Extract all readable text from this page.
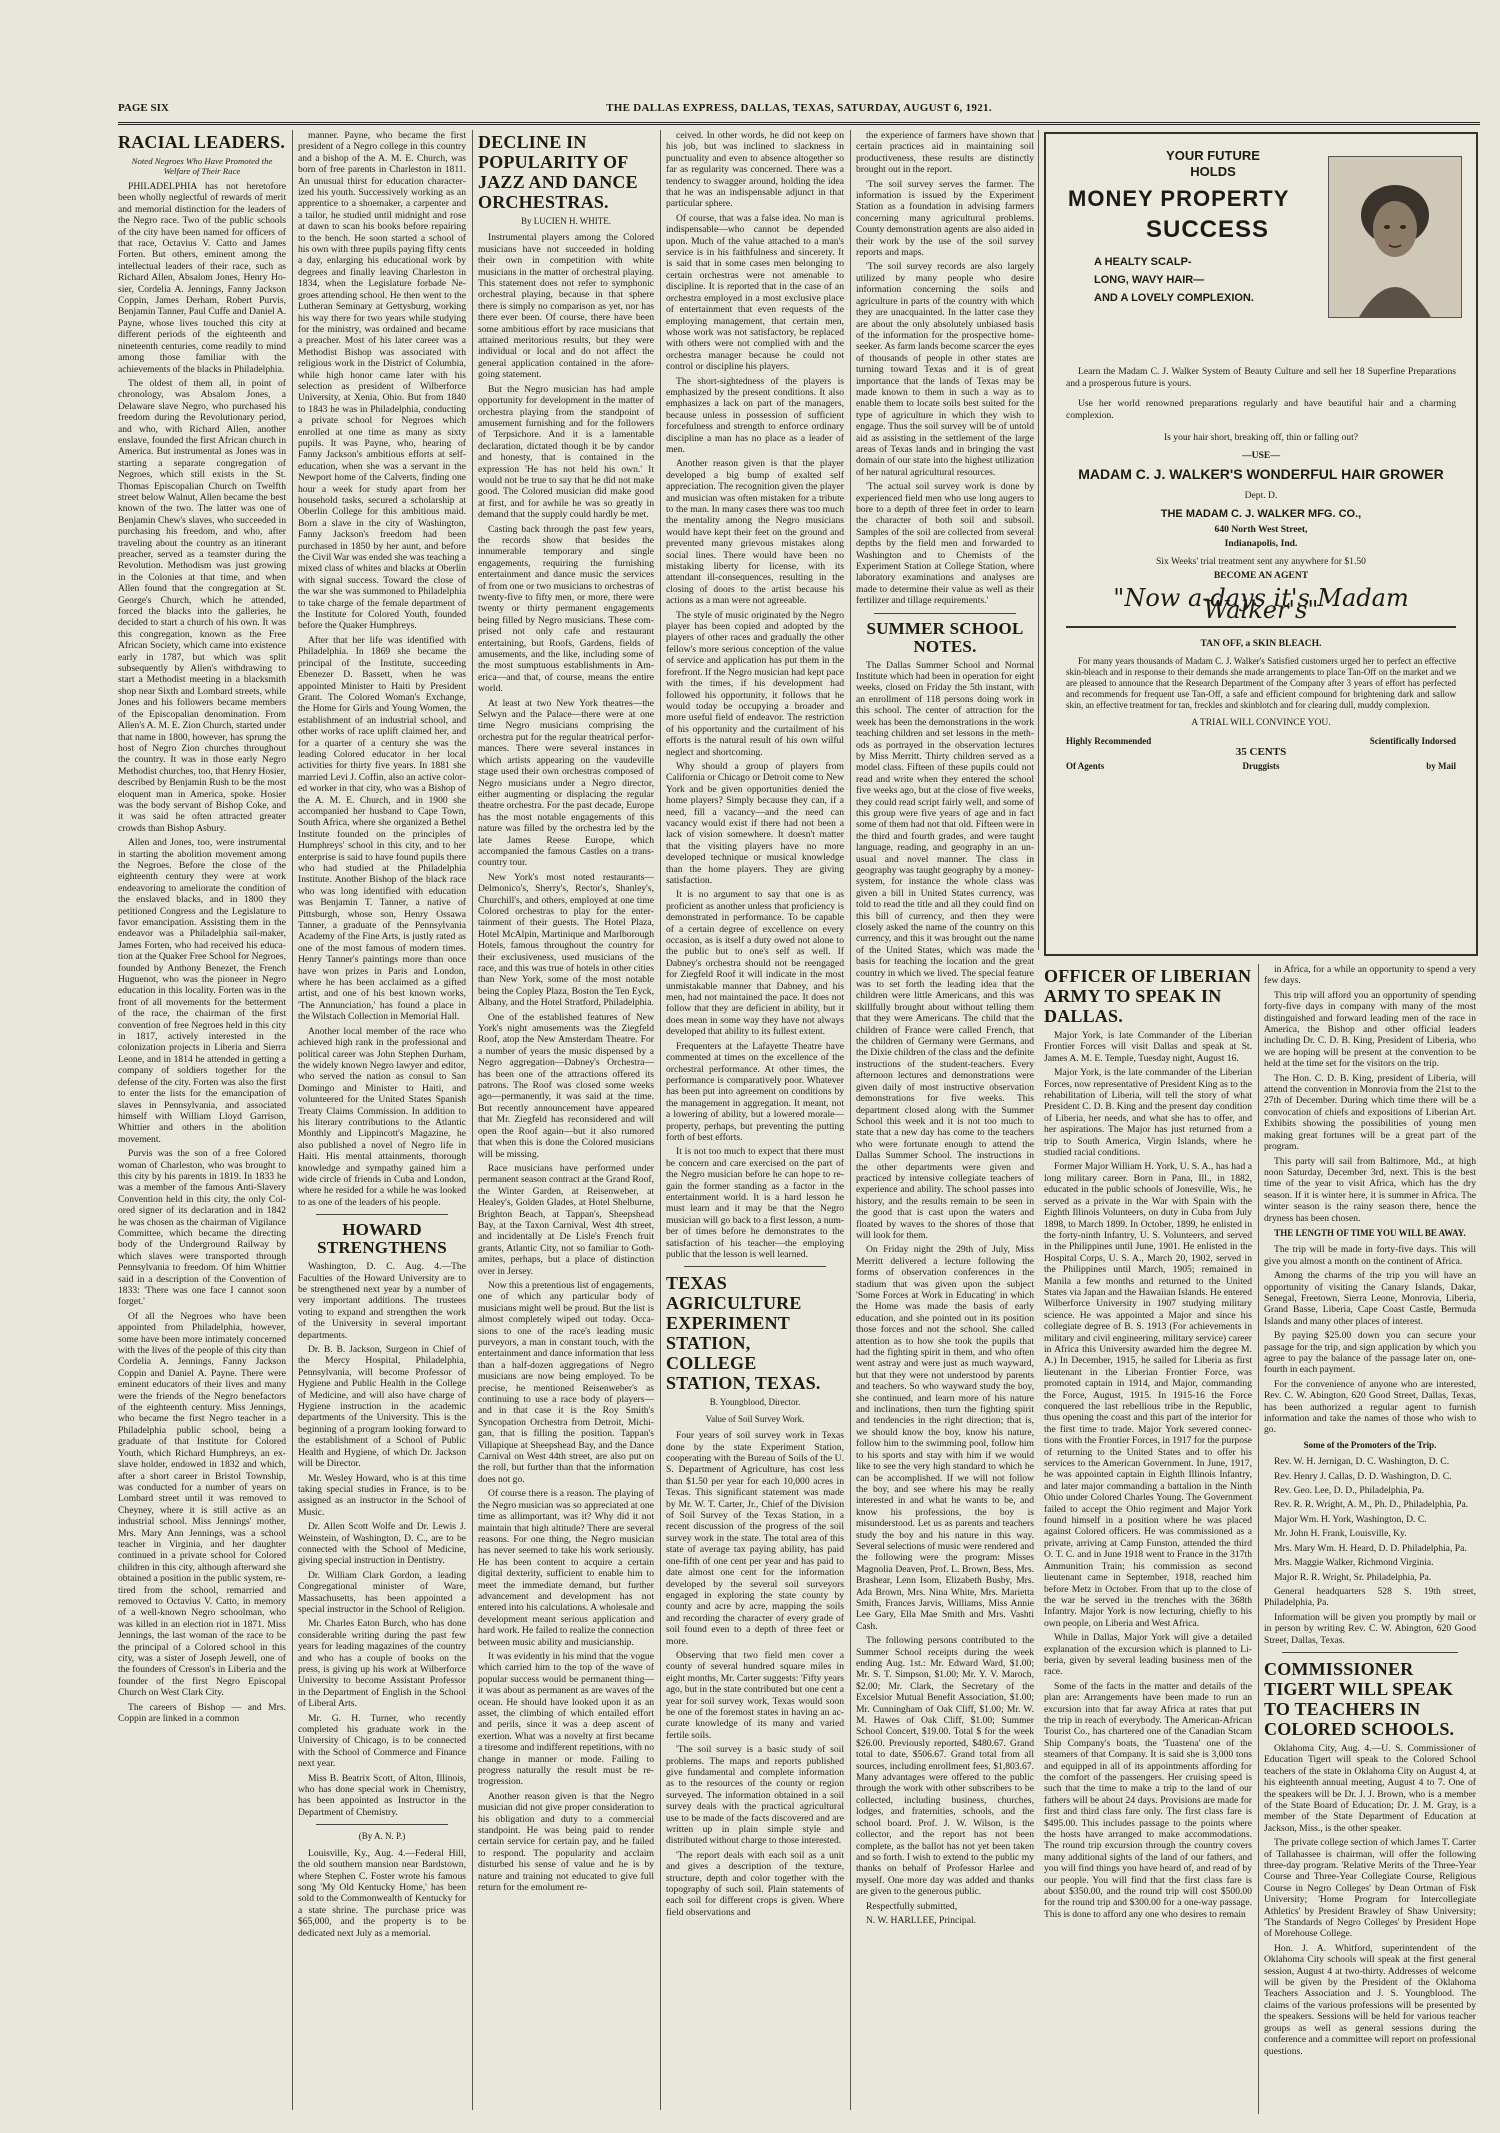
PAGE SIX	THE DALLAS EXPRESS, DALLAS, TEXAS, SATURDAY, AUGUST 6, 1921.
RACIAL LEADERS.
Noted Negroes Who Have Promoted the Welfare of Their Race

PHILADELPHIA has not heretofore been wholly neglectful of rewards of merit and memorial distinction for the leaders of the Negro race. Two of the public schools of the city have been named for officers of that race, Octavius V. Catto and James Forten. But others, eminent among the intellectual leaders of their race, such as Richard Allen, Absalom Jones, Henry Hosier, Cordelia A. Jennings, Fanny Jackson Coppin, James Derham, Robert Purvis, Benjamin Tanner, Paul Cuffe and Daniel A. Payne, whose lives touched this city at different periods of the eighteenth and nineteenth centuries, come readily to mind among those familiar with the achievements of the blacks in Philadelphia.

The oldest of them all, in point of chronology, was Absalom Jones, a Delaware slave Negro, who purchased his freedom during the Revolutionary period, and who, with Richard Allen, another enslave, founded the first African church in America. But instrumental as Jones was in starting a separate congregation of Negroes, which still exists in the St. Thomas Episcopalian Church on Twelfth street below Walnut, Allen became the best known of the two. The latter was one of Benjamin Chew's slaves, who succeeded in purchasing his freedom, and who, after traveling about the country as an itinerant preacher, served as a teamster during the Revolution. Methodism was just growing in the Colonies at that time, and when Allen found that the congregation at St. George's Church, which he attended, forced the blacks into the galleries, he decided to start a church of his own. It was this congregation, known as the Free African Society, which came into existence early in 1787, but which was split subsequently by Allen's withdrawing to start a Methodist meeting in a blacksmith shop near Sixth and Lombard streets, while Jones and his followers became members of the Episcopalian denomination. From Allen's A. M. E. Zion Church, started under that name in 1800, however, has sprung the host of Negro Zion churches throughout the country. It was in those early Negro Methodist churches, too, that Henry Hosier, described by Benjamin Rush to be the most eloquent man in America, spoke. Hosier was the body servant of Bishop Coke, and it was said he often attracted greater crowds than Bishop Asbury.

Allen and Jones, too, were instrumental in starting the abolition movement among the Negroes. Before the close of the eighteenth century they were at work endeavoring to ameliorate the condition of the enslaved blacks, and in 1800 they petitioned Congress and the Legislature to favor emancipation. Assisting them in the endeavor was a Philadelphia sail-maker, James Forten, who had received his education at the Quaker Free School for Negroes, founded by Anthony Benezet, the French Huguenot, who was the pioneer in Negro education in this locality. Forten was in the front of all movements for the betterment of the race, the chairman of the first convention of free Negroes held in this city in 1817, actively interested in the colonization projects in Liberia and Sierra Leone, and in 1814 he attended in getting a company of soldiers together for the defense of the city. Forten was also the first to enter the lists for the emancipation of slaves in Pennsylvania, and associated himself with William Lloyd Garrison, Whittier and others in the abolition movement.

Purvis was the son of a free Colored woman of Charleston, who was brought to this city by his parents in 1819. In 1833 he was a member of the famous Anti-Slavery Convention held in this city, the only Colored signer of its declaration and in 1842 he was chosen as the chairman of Vigilance Committee, which became the directing body of the Underground Railway by which slaves were transported through Pennsylvania to freedom. Of him Whittier said in a description of the Convention of 1833: 'There was one face I cannot soon forget.'

Of all the Negroes who have been appointed from Philadelphia, however, some have been more intimately concerned with the lives of the people of this city than Cordelia A. Jennings, Fanny Jackson Coppin and Daniel A. Payne. There were eminent educators of their lives and many were the friends of the Negro benefactors of the eighteenth century. Miss Jennings, who became the first Negro teacher in a Philadelphia public school, being a graduate of that Institute for Colored Youth, which Richard Humphreys, an ex-slave holder, endowed in 1832 and which, after a short career in Bristol Township, was conducted for a number of years on Lombard street until it was removed to Cheyney, where it is still active as an industrial school. Miss Jennings' mother, Mrs. Mary Ann Jennings, was a school teacher in Virginia, and her daughter continued in a private school for Colored children in this city, although afterward she obtained a position in the public system, retired from the school, remarried and removed to Octavius V. Catto, in memory of a well-known Negro schoolman, who was killed in an election riot in 1871. Miss Jennings, the last woman of the race to be the principal of a Colored school in this city, was a sister of Joseph Jewell, one of the founders of Cresson's in Liberia and the founder of the first Negro Episcopal Church on West Clark City.

The careers of Bishop — and Mrs. Coppin are linked in a common

manner. Payne, who became the first president of a Negro college in this country and a bishop of the A. M. E. Church, was born of free parents in Charleston in 1811. An unusual thirst for education characterized his youth. Successively working as an apprentice to a shoemaker, a carpenter and a tailor, he studied until midnight and rose at dawn to scan his books before repairing to the bench. He soon started a school of his own with three pupils paying fifty cents a day, enlarging his educational work by degrees and finally leaving Charleston in 1834, when the Legislature forbade Negroes attending school. He then went to the Lutheran Seminary at Gettysburg, working his way there for two years while studying for the ministry, was ordained and became a preacher. Most of his later career was a Methodist Bishop was associated with religious work in the District of Columbia, while high honor came later with his selection as president of Wilberforce University, at Xenia, Ohio. But from 1840 to 1843 he was in Philadelphia, conducting a private school for Negroes which enrolled at one time as many as sixty pupils. It was Payne, who, hearing of Fanny Jackson's ambitious efforts at self-education, when she was a servant in the Newport home of the Calverts, finding one hour a week for study apart from her household tasks, secured a scholarship at Oberlin College for this ambitious maid. Born a slave in the city of Washington, Fanny Jackson's freedom had been purchased in 1850 by her aunt, and before the Civil War was ended she was teaching a mixed class of whites and blacks at Oberlin with signal success. Toward the close of the war she was summoned to Philadelphia to take charge of the female department of the Institute for Colored Youth, founded before the Quaker Humphreys.

After that her life was identified with Philadelphia. In 1869 she became the principal of the Institute, succeeding Ebenezer D. Bassett, when he was appointed Minister to Haiti by President Grant. The Colored Woman's Exchange, the Home for Girls and Young Women, the establishment of an industrial school, and other works of race uplift claimed her, and for a quarter of a century she was the leading Colored educator in her local activities for thirty five years. In 1881 she married Levi J. Coffin, also an active colored worker in that city, who was a Bishop of the A. M. E. Church, and in 1900 she accompanied her husband to Cape Town, South Africa, where she organized a Bethel Institute founded on the principles of Humphreys' school in this city, and to her enterprise is said to have found pupils there who had studied at the Philadelphia Institute. Another Bishop of the black race who was long identified with education was Benjamin T. Tanner, a native of Pittsburgh, whose son, Henry Ossawa Tanner, a graduate of the Pennsylvania Academy of the Fine Arts, is justly rated as one of the most famous of modern times. Henry Tanner's paintings more than once have won prizes in Paris and London, where he has been acclaimed as a gifted artist, and one of his best known works, 'The Annunciation,' has found a place in the Wilstach Collection in Memorial Hall.

Another local member of the race who achieved high rank in the professional and political career was John Stephen Durham, the widely known Negro lawyer and editor, who served the nation as consul to San Domingo and Minister to Haiti, and volunteered for the United States Spanish Treaty Claims Commission. In addition to his literary contributions to the Atlantic Monthly and Lippincott's Magazine, he also published a novel of Negro life in Haiti. His mental attainments, thorough knowledge and sympathy gained him a wide circle of friends in Cuba and London, where he resided for a while he was looked to as one of the leaders of his people.

HOWARD STRENGTHENS

Washington, D. C. Aug. 4.—The Faculties of the Howard University are to be strengthened next year by a number of very important additions. The trustees voting to expand and strengthen the work of the University in several important departments.

Dr. B. B. Jackson, Surgeon in Chief of the Mercy Hospital, Philadelphia, Pennsylvania, will become Professor of Hygiene and Public Health in the College of Medicine, and will also have charge of Hygiene instruction in the academic departments of the University. This is the beginning of a program looking forward to the establishment of a School of Public Health and Hygiene, of which Dr. Jackson will be Director.

Mr. Wesley Howard, who is at this time taking special studies in France, is to be assigned as an instructor in the School of Music.

Dr. Allen Scott Wolfe and Dr. Lewis J. Weinstein, of Washington, D. C., are to be connected with the School of Medicine, giving special instruction in Dentistry.

Dr. William Clark Gordon, a leading Congregational minister of Ware, Massachusetts, has been appointed a special instructor in the School of Religion.

Mr. Charles Eaton Burch, who has done considerable writing during the past few years for leading magazines of the country and who has a couple of books on the press, is giving up his work at Wilberforce University to become Assistant Professor in the Department of English in the School of Liberal Arts.

Mr. G. H. Turner, who recently completed his graduate work in the University of Chicago, is to be connected with the School of Commerce and Finance next year.

Miss B. Beatrix Scott, of Alton, Illinois, who has done special work in Chemistry, has been appointed as Instructor in the Department of Chemistry.

(By A. N. P.)

Louisville, Ky., Aug. 4.—Federal Hill, the old southern mansion near Bardstown, where Stephen C. Foster wrote his famous song 'My Old Kentucky Home,' has been sold to the Commonwealth of Kentucky for a state shrine. The purchase price was $65,000, and the property is to be dedicated next July as a memorial.

DECLINE IN POPULARITY OF JAZZ AND DANCE ORCHESTRAS.
By LUCIEN H. WHITE.

Instrumental players among the Colored musicians have not succeeded in holding their own in competition with white musicians in the matter of orchestral playing. This statement does not refer to symphonic orchestral playing, because in that sphere there is simply no comparison as yet, nor has there ever been. Of course, there have been some ambitious effort by race musicians that attained meritorious results, but they were individual or local and do not affect the general application contained in the aforegoing statement.

But the Negro musician has had ample opportunity for development in the matter of orchestra playing from the standpoint of amusement furnishing and for the followers of Terpsichore. And it is a lamentable declaration, dictated though it be by candor and honesty, that is contained in the expression 'He has not held his own.' It would not be true to say that he did not make good. The Colored musician did make good at first, and for awhile he was so greatly in demand that the supply could hardly be met.

Casting back through the past few years, the records show that besides the innumerable temporary and single engagements, requiring the furnishing entertainment and dance music the services of from one or two musicians to orchestras of twenty-five to fifty men, or more, there were twenty or thirty permanent engagements being filled by Negro musicians. These comprised not only cafe and restaurant entertaining, but Roofs, Gardens, fields of amusements, and the like, including some of the most sumptuous establishments in America—and that, of course, means the entire world.

At least at two New York theatres—the Selwyn and the Palace—there were at one time Negro musicians comprising the orchestra put for the regular theatrical performances. There were several instances in which artists appearing on the vaudeville stage used their own orchestras composed of Negro musicians under a Negro director, either augmenting or displacing the regular theatre orchestra. For the past decade, Europe has the most notable engagements of this nature was filled by the orchestra led by the late James Reese Europe, which accompanied the famous Castles on a trans-country tour.

New York's most noted restaurants—Delmonico's, Sherry's, Rector's, Shanley's, Churchill's, and others, employed at one time Colored orchestras to play for the entertainment of their guests. The Hotel Plaza, Hotel McAlpin, Martinique and Marlborough Hotels, famous throughout the country for their exclusiveness, used musicians of the race, and this was true of hotels in other cities than New York, some of the most notable being the Copley Plaza, Boston the Ten Eyck, Albany, and the Hotel Stratford, Philadelphia.

One of the established features of New York's night amusements was the Ziegfeld Roof, atop the New Amsterdam Theatre. For a number of years the music dispensed by a Negro aggregation—Dabney's Orchestra—has been one of the attractions offered its patrons. The Roof was closed some weeks ago—permanently, it was said at the time. But recently announcement have appeared that Mr. Ziegfeld has reconsidered and will open the Roof again—but it also rumored that when this is done the Colored musicians will be missing.

Race musicians have performed under permanent season contract at the Grand Roof, the Winter Garden, at Reisenweber, at Healey's, Golden Glades, at Hotel Shelburne, Brighton Beach, at Tappan's, Sheepshead Bay, at the Taxon Carnival, West 4th street, and incidentally at De Lisle's French fruit grants, Atlantic City, not so familiar to Gothamites, perhaps, but a place of distinction over in Jersey.

Now this a pretentious list of engagements, one of which any particular body of musicians might well be proud. But the list is almost completely wiped out today. Occasions to one of the race's leading music purveyors, a man in constant touch, with the entertainment and dance information that less than a half-dozen aggregations of Negro musicians are now being employed. To be precise, he mentioned Reisenweber's as continuing to use a race body of players—and in that case it is the Roy Smith's Syncopation Orchestra from Detroit, Michigan, that is filling the position. Tappan's Villapique at Sheepshead Bay, and the Dance Carnival on West 44th street, are also put on the roll, but further than that the information does not go.

Of course there is a reason. The playing of the Negro musician was so appreciated at one time as allimportant, was it? Why did it not maintain that high altitude? There are several reasons. For one thing, the Negro musician has never seemed to take his work seriously. He has been content to acquire a certain digital dexterity, sufficient to enable him to meet the immediate demand, but further advancement and development has not entered into his calculations. A wholesale and development meant serious application and hard work. He failed to realize the connection between music ability and musicianship.

It was evidently in his mind that the vogue which carried him to the top of the wave of popular success would be permanent thing—it was about as permanent as are waves of the ocean. He should have looked upon it as an asset, the climbing of which entailed effort and perils, since it was a deep ascent of exertion. What was a novelty at first became a tiresome and indifferent repetitions, with no change in manner or mode. Failing to progress naturally the result must be retrogression.

Another reason given is that the Negro musician did not give proper consideration to his obligation and duty to a commercial standpoint. He was being paid to render certain service for certain pay, and he failed to respond. The popularity and acclaim disturbed his sense of value and he is by nature and training not educated to give full return for the emolument re-

ceived. In other words, he did not keep on his job, but was inclined to slackness in punctuality and even to absence altogether so far as regularity was concerned. There was a tendency to swagger around, holding the idea that he was an indispensable adjunct in that particular sphere.

Of course, that was a false idea. No man is indispensable—who cannot be depended upon. Much of the value attached to a man's service is in his faithfulness and sincerety. It is said that in some cases men belonging to certain orchestras were not amenable to discipline. It is reported that in the case of an orchestra employed in a most exclusive place of entertainment that even requests of the employing management, that certain men, whose work was not satisfactory, be replaced with others were not complied with and the orchestra manager because he could not control or discipline his players.

The short-sightedness of the players is emphasized by the present conditions. It also emphasizes a lack on part of the managers, because unless in possession of sufficient forcefulness and strength to enforce ordinary discipline a man has no place as a leader of men.

Another reason given is that the player developed a big bump of exalted self appreciation. The recognition given the player and musician was often mistaken for a tribute to the man. In many cases there was too much the mentality among the Negro musicians would have kept their feet on the ground and prevented many grievous mistakes along social lines. There would have been no mistaking liberty for license, with its attendant ill-consequences, resulting in the closing of doors to the artist because his actions as a man were not agreeable.

The style of music originated by the Negro player has been copied and adopted by the players of other races and gradually the other fellow's more serious conception of the value of service and application has put them in the forefront. If the Negro musician had kept pace with the times, if his development had followed his opportunity, it follows that he would today be occupying a broader and more useful field of endeavor. The restriction of his opportunity and the curtailment of his efforts is the natural result of his own wilful neglect and shortcoming.

Why should a group of players from California or Chicago or Detroit come to New York and be given opportunities denied the home players? Simply because they can, if a need, fill a vacancy—and the need can vacancy would exist if there had not been a lack of vision somewhere. It doesn't matter that the visiting players have no more developed technique or musical knowledge than the home players. They are giving satisfaction.

It is no argument to say that one is as proficient as another unless that proficiency is demonstrated in performance. To be capable of a certain degree of excellence on every occasion, as is itself a duty owed not alone to the public but to one's self as well. If Dabney's orchestra should not be reengaged for Ziegfeld Roof it will indicate in the most unmistakable manner that Dabney, and his men, had not maintained the pace. It does not follow that they are deficient in ability, but it does mean in some way they have not always developed that ability to its fullest extent.

Frequenters at the Lafayette Theatre have commented at times on the excellence of the orchestral performance. At other times, the performance is comparatively poor. Whatever has been put into agreement on conditions by the management in aggregation. It meant, not a lowering of ability, but a lowered morale—property, perhaps, but preventing the putting forth of best efforts.

It is not too much to expect that there must be concern and care exercised on the part of the Negro musician before he can hope to regain the former standing as a factor in the entertainment world. It is a hard lesson he must learn and it may be that the Negro musician will go back to a first lesson, a number of times before he demonstrates to the satisfaction of his teacher—the employing public that the lesson is well learned.

TEXAS AGRICULTURE EXPERIMENT STATION, COLLEGE STATION, TEXAS.
B. Youngblood, Director.
Value of Soil Survey Work.

Four years of soil survey work in Texas done by the state Experiment Station, cooperating with the Bureau of Soils of the U. S. Department of Agriculture, has cost less than $1.50 per year for each 10,000 acres in Texas. This significant statement was made by Mr. W. T. Carter, Jr., Chief of the Division of Soil Survey of the Texas Station, in a recent discussion of the progress of the soil survey work in the state. The total area of this state of average tax paying ability, has paid one-fifth of one cent per year and has paid to date almost one cent for the information developed by the several soil surveyors engaged in exploring the state county by county and acre by acre, mapping the soils and recording the character of every grade of soil found even to a depth of three feet or more.

Observing that two field men cover a county of several hundred square miles in eight months, Mr. Carter suggests: 'Fifty years ago, but in the state contributed but one cent a year for soil survey work, Texas would soon be one of the foremost states in having an accurate knowledge of its many and varied fertile soils.

'The soil survey is a basic study of soil problems. The maps and reports published give fundamental and complete information as to the resources of the county or region surveyed. The information obtained in a soil survey deals with the practical agricultural use to be made of the facts discovered and are written up in plain simple style and distributed without charge to those interested.

'The report deals with each soil as a unit and gives a description of the texture, structure, depth and color together with the topography of such soil. Plain statements of each soil for different crops is given. Where field observations and

the experience of farmers have shown that certain practices aid in maintaining soil productiveness, these results are distinctly brought out in the report.

'The soil survey serves the farmer. The information is issued by the Experiment Station as a foundation in advising farmers concerning many agricultural problems. County demonstration agents are also aided in their work by the use of the soil survey reports and maps.

'The soil survey records are also largely utilized by many people who desire information concerning the soils and agriculture in parts of the country with which they are unacquainted. In the latter case they are about the only absolutely unbiased basis of the information for the prospective home-seeker. As farm lands become scarcer the eyes of thousands of people in other states are turning toward Texas and it is of great importance that the lands of Texas may be made known to them in such a way as to enable them to locate soils best suited for the type of agriculture in which they wish to engage. Thus the soil survey will be of untold aid as assisting in the settlement of the large areas of Texas lands and in bringing the vast domain of our state into the highest utilization of her natural agricultural resources.

'The actual soil survey work is done by experienced field men who use long augers to bore to a depth of three feet in order to learn the character of both soil and subsoil. Samples of the soil are collected from several depths by the field men and forwarded to Washington and to Chemists of the Experiment Station at College Station, where laboratory examinations and analyses are made to determine their value as well as their fertilizer and tillage requirements.'

SUMMER SCHOOL NOTES.

The Dallas Summer School and Normal Institute which had been in operation for eight weeks, closed on Friday the 5th instant, with an enrollment of 118 persons doing work in this school. The center of attraction for the week has been the demonstrations in the work teaching children and set lessons in the methods as portrayed in the observation lectures by Miss Merritt. Thirty children served as a model class. Fifteen of these pupils could not read and write when they entered the school five weeks ago, but at the close of five weeks, they could read script fairly well, and some of this group were five years of age and in fact some of them had not that old. Fifteen were in the third and fourth grades, and were taught language, reading, and geography in an unusual and novel manner. The class in geography was taught geography by a money-system, for instance the whole class was given a bill in United States currency, was told to read the title and all they could find on this bill of currency, and then they were closely asked the name of the country on this currency, and this it was brought out the name of the United States, which was made the basis for teaching the location and the great country in which we lived. The special feature was to set forth the leading idea that the children were little Americans, and this was skillfully brought about without telling them that they were Americans. The child that the children of France were called French, that the children of Germany were Germans, and the Dixie children of the class and the definite instructions of the student-teachers. Every afternoon lectures and demonstrations were given daily of most instructive observation demonstrations for five weeks. This department closed along with the Summer School this week and it is not too much to state that a new day has come to the teachers who were fortunate enough to attend the Dallas Summer School. The instructions in the other departments were given and practiced by intensive collegiate teachers of experience and ability. The school passes into history, and the results remain to be seen in the good that is cast upon the waters and floated by waves to the shores of those that will look for them.

On Friday night the 29th of July, Miss Merritt delivered a lecture following the forms of observation conferences in the stadium that was given upon the subject 'Some Forces at Work in Educating' in which the Home was made the basis of early education, and she pointed out in its position those forces and not the school. She called attention as to how she took the pupils that had the fighting spirit in them, and who often went astray and were just as much wayward, but that they were not understood by parents and teachers. So who wayward study the boy, she continued, and learn more of his nature and inclinations, then turn the fighting spirit and tendencies in the right direction; that is, we should know the boy, know his nature, follow him to the swimming pool, follow him to his sports and stay with him if we would like to see the very high standard to which he can be accomplished. If we will not follow the boy, and see where his may be really interested in and what he wants to be, and know his professions, the boy is misunderstood. Let us as parents and teachers study the boy and his nature in this way. Several selections of music were rendered and the following were the program: Misses Magnolia Deaven, Prof. L. Brown, Bess, Mrs. Brashear, Lenn Isom, Elizabeth Busby, Mrs. Ada Brown, Mrs. Nina White, Mrs. Marietta Smith, Frances Jarvis, Williams, Miss Annie Lee Gary, Ella Mae Smith and Mrs. Vashti Cash.

The following persons contributed to the Summer School receipts during the week ending Aug. 1st.: Mr. Edward Ward, $1.00; Mr. S. T. Simpson, $1.00; Mr. Y. V. Maroch, $2.00; Mr. Clark, the Secretary of the Excelsior Mutual Benefit Association, $1.00; Mr. Cunningham of Oak Cliff, $1.00; Mr. W. M. Hawes of Oak Cliff, $1.00; Summer School Concert, $19.00. Total $ for the week $26.00. Previously reported, $480.67. Grand total to date, $506.67. Grand total from all sources, including enrollment fees, $1,803.67. Many advantages were offered to the public through the work with other subscribers to be collected, including business, churches, lodges, and fraternities, schools, and the school board. Prof. J. W. Wilson, is the collector, and the report has not been complete, as the ballot has not yet been taken and so forth. I wish to extend to the public my thanks on behalf of Professor Harlee and myself. One more day was added and thanks are given to the generous public.

Respectfully submitted,

N. W. HARLLEE, Principal.

YOUR FUTURE
HOLDS
MONEY PROPERTY
SUCCESS
A HEALTY SCALP-
LONG, WAVY HAIR—
AND A LOVELY COMPLEXION.

Learn the Madam C. J. Walker System of Beauty Culture and sell her 18 Superfine Preparations and a prosperous future is yours.

Use her world renowned preparations regularly and have beautiful hair and a charming complexion.

Is your hair short, breaking off, thin or falling out?

—USE—

MADAM C. J. WALKER'S WONDERFUL HAIR GROWER

Dept. D.

THE MADAM C. J. WALKER MFG. CO.,

640 North West Street,

Indianapolis, Ind.

Six Weeks' trial treatment sent any anywhere for $1.50

BECOME AN AGENT

"Now a-days it's Madam Walker's"

TAN OFF, a SKIN BLEACH.

For many years thousands of Madam C. J. Walker's Satisfied customers urged her to perfect an effective skin-bleach and in response to their demands she made arrangements to place Tan-Off on the market and we are pleased to announce that the Research Department of the Company after 3 years of effort has perfected and recommends for frequent use Tan-Off, a safe and efficient compound for brightening dark and sallow skin, an effective treatment for tan, freckles and skinblotch and for clearing dull, muddy complexion.

A TRIAL WILL CONVINCE YOU.

Highly Recommended	Scientifically Indorsed
35 CENTS
Of Agents	Druggists	by Mail
OFFICER OF LIBERIAN ARMY TO SPEAK IN DALLAS.

Major York, is late Commander of the Liberian Frontier Forces will visit Dallas and speak at St. James A. M. E. Temple, Tuesday night, August 16.

Major York, is the late commander of the Liberian Forces, now representative of President King as to the rehabilitation of Liberia, will tell the story of what President C. D. B. King and the present day condition of Liberia, her needs, and what she has to offer, and her aspirations. The Major has just returned from a trip to South America, Virgin Islands, where he studied racial conditions.

Former Major William H. York, U. S. A., has had a long military career. Born in Pana, Ill., in 1882, educated in the public schools of Jonesville, Wis., he served as a private in the War with Spain with the Eighth Illinois Volunteers, on duty in Cuba from July 1898, to March 1899. In October, 1899, he enlisted in the forty-ninth Infantry, U. S. Volunteers, and served in the Philippines until June, 1901. He enlisted in the Hospital Corps, U. S. A., March 20, 1902, served in the Philippines until March, 1905; remained in Manila a few months and returned to the United States via Japan and the Hawaiian Islands. He entered Wilberforce University in 1907 studying military science. He was appointed a Major and since his collegiate degree of B. S. 1913 (For achievements in military and civil engineering, military service) career in Africa this University awarded him the degree M. A.) In December, 1915, he sailed for Liberia as first lieutenant in the Liberian Frontier Force, was promoted captain in 1914, and Major, commanding the Force, August, 1915. In 1915-16 the Force conquered the last rebellious tribe in the Republic, thus opening the coast and this part of the interior for the first time to trade. Major York severed connections with the Frontier Forces, in 1917 for the purpose of returning to the United States and to offer his services to the American Government. In June, 1917, he was appointed captain in Eighth Illinois Infantry, and later major commanding a battalion in the Ninth Ohio under Colored Charles Young. The Government failed to accept the Ohio regiment and Major York found himself in a position where he was placed against Colored officers. He was commissioned as a private, arriving at Camp Funston, attended the third O. T. C. and in June 1918 went to France in the 317th Ammunition Train; his commission as second lieutenant came in September, 1918, reached him before Metz in October. From that up to the close of the war he served in the trenches with the 368th Infantry. Major York is now lecturing, chiefly to his own people, on Liberia and West Africa.

While in Dallas, Major York will give a detailed explanation of the excursion which is planned to Liberia, given by several leading business men of the race.

Some of the facts in the matter and details of the plan are: Arrangements have been made to run an excursion into that far away Africa at rates that put the trip in reach of everybody. The American-African Tourist Co., has chartered one of the Canadian Stcam Ship Company's boats, the 'Tuastena' one of the steamers of that Company. It is said she is 3,000 tons and equipped in all of its appointments affording for the comfort of the passengers. Her cruising speed is such that the time to make a trip to the land of our fathers will be about 24 days. Provisions are made for first and third class fare only. The first class fare is $495.00. This includes passage to the points where the hosts have arranged to make accommodations. The round trip excursion through the country covers many additional sights of the land of our fathers, and you will find things you have heard of, and read of by our people. You will find that the first class fare is about $350.00, and the round trip will cost $500.00 for the round trip and $300.00 for a one-way passage. This is done to afford any one who desires to remain

in Africa, for a while an opportunity to spend a very few days.

This trip will afford you an opportunity of spending forty-five days in company with many of the most distinguished and forward leading men of the race in America, the Bishop and other official leaders including Dr. C. D. B. King, President of Liberia, who we are hoping will be present at the convention to be held at the time set for the visitors on the trip.

The Hon. C. D. B. King, president of Liberia, will attend the convention in Monrovia from the 21st to the 27th of December. During which time there will be a convocation of chiefs and expositions of Liberian Art. Exhibits showing the possibilities of young men making great fortunes will be a great part of the program.

This party will sail from Baltimore, Md., at high noon Saturday, December 3rd, next. This is the best time of the year to visit Africa, which has the dry season. If it is winter here, it is summer in Africa. The winter season is the rainy season there, hence the dryness has been chosen.

THE LENGTH OF TIME YOU WILL BE AWAY.

The trip will be made in forty-five days. This will give you almost a month on the continent of Africa.

Among the charms of the trip you will have an opportunity of visiting the Canary Islands, Dakar, Senegal, Freetown, Sierra Leone, Monrovia, Liberia, Grand Basse, Liberia, Cape Coast Castle, Bermuda Islands and many other places of interest.

By paying $25.00 down you can secure your passage for the trip, and sign application by which you agree to pay the balance of the passage later on, one-fourth in each payment.

For the convenience of anyone who are interested, Rev. C. W. Abington, 620 Good Street, Dallas, Texas, has been authorized a regular agent to furnish information and take the names of those who wish to go.

Some of the Promoters of the Trip.

Rev. W. H. Jernigan, D. C. Washington, D. C.

Rev. Henry J. Callas, D. D. Washington, D. C.

Rev. Geo. Lee, D. D., Philadelphia, Pa.

Rev. R. R. Wright, A. M., Ph. D., Philadelphia, Pa.

Major Wm. H. York, Washington, D. C.

Mr. John H. Frank, Louisville, Ky.

Mrs. Mary Wm. H. Heard, D. D. Philadelphia, Pa.

Mrs. Maggie Walker, Richmond Virginia.

Major R. R. Wright, Sr. Philadelphia, Pa.

General headquarters 528 S. 19th street, Philadelphia, Pa.

Information will be given you promptly by mail or in person by writing Rev. C. W. Abington, 620 Good Street, Dallas, Texas.

COMMISSIONER TIGERT WILL SPEAK TO TEACHERS IN COLORED SCHOOLS.

Oklahoma City, Aug. 4.—U. S. Commissioner of Education Tigert will speak to the Colored School teachers of the state in Oklahoma City on August 4, at his eighteenth annual meeting, August 4 to 7. One of the speakers will be Dr. J. J. Brown, who is a member of the State Board of Education; Dr. J. M. Gray, is a member of the State Department of Education at Jackson, Miss., is the other speaker.

The private college section of which James T. Carter of Tallahassee is chairman, will offer the following three-day program. 'Relative Merits of the Three-Year Course and Three-Year Collegiate Course, Religious Course in Negro Colleges' by Dean Ortman of Fisk University; 'Home Program for Intercollegiate Athletics' by President Brawley of Shaw University; 'The Standards of Negro Colleges' by President Hope of Morehouse College.

Hon. J. A. Whitford, superintendent of the Oklahoma City schools will speak at the first general session, August 4 at two-thirty. Addresses of welcome will be given by the President of the Oklahoma Teachers Association and J. S. Youngblood. The claims of the various professions will be presented by the speakers. Sessions will be held for various teacher groups as well as general sessions during the conference and a committee will report on professional questions.
